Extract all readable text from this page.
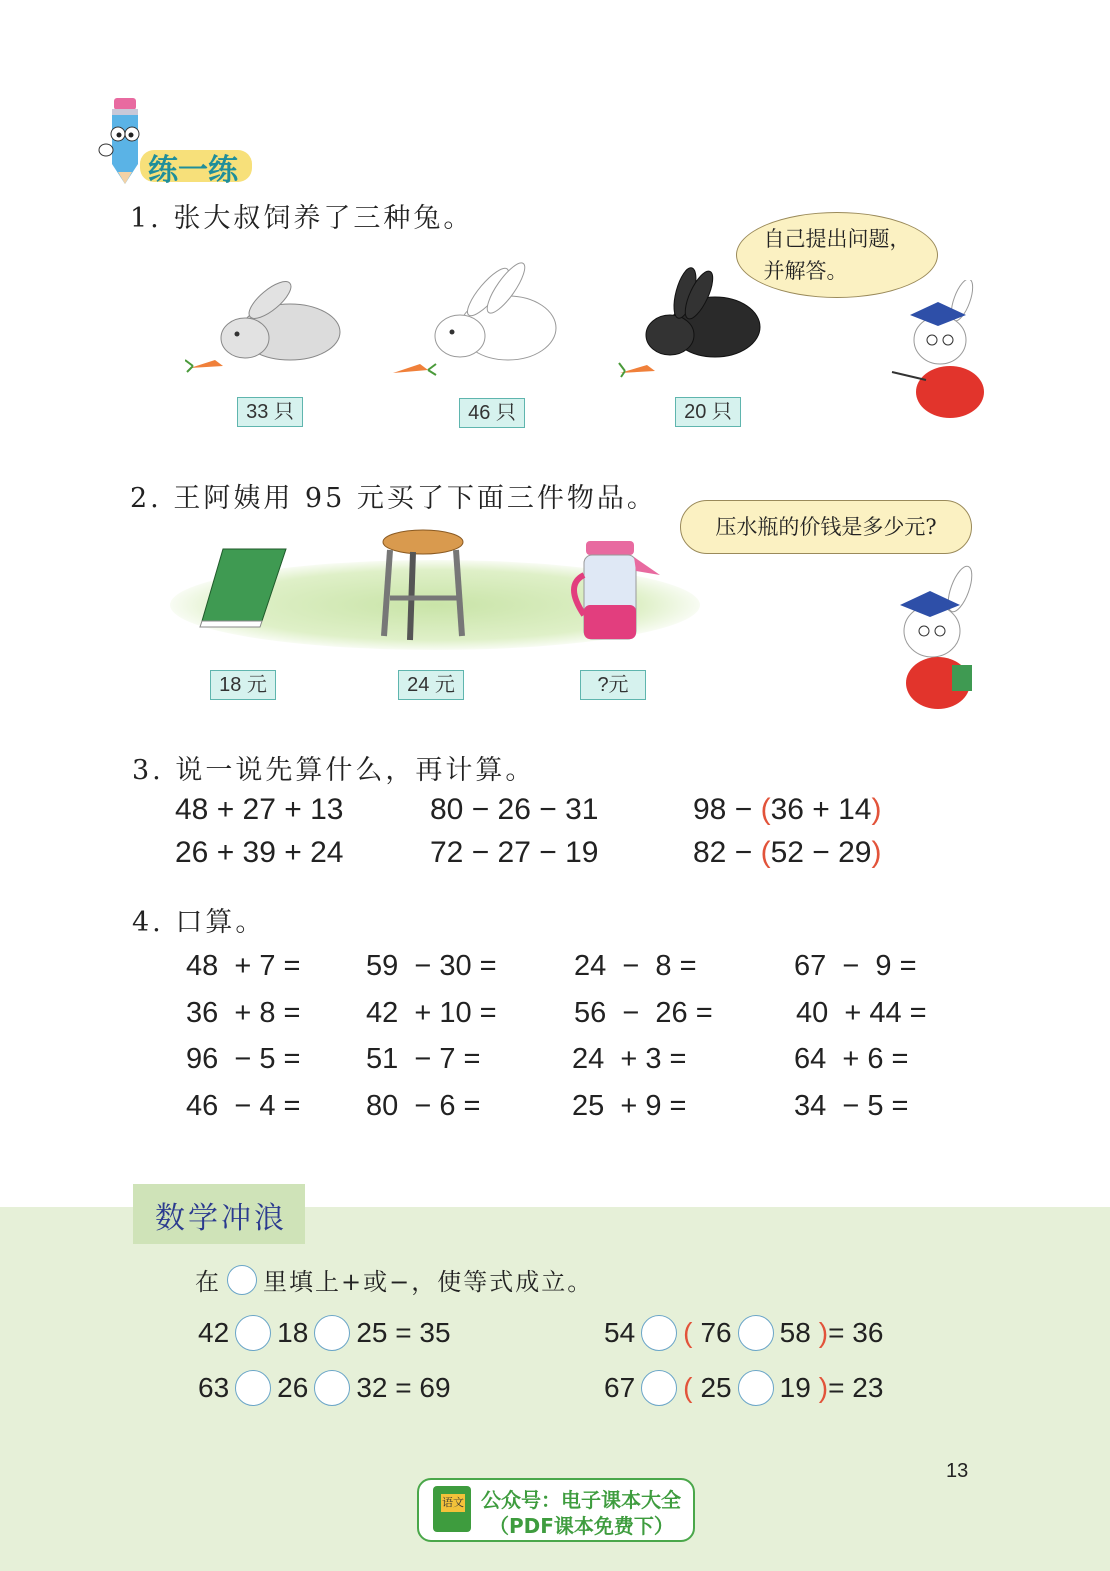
练一练
1. 张大叔饲养了三种兔。
自己提出问题，
并解答。
33 只	46 只	20 只
2. 王阿姨用 95 元买了下面三件物品。
压水瓶的价钱是多少元?
18 元	24 元	?元
3. 说一说先算什么，再计算。
48 + 27 + 13	80 − 26 − 31	98 − (36 + 14)
26 + 39 + 24	72 − 27 − 19	82 − (52 − 29)
4. 口算。
48  + 7 = 59  − 30 =	24  −  8 =	67  −  9 =
36  + 8 = 42  + 10 =	56  −  26 =	40  + 44 =
96  − 5 = 51  − 7 =	24  + 3 =	64  + 6 =
46  − 4 = 80  − 6 =	25  + 9 =	34  − 5 =
数学冲浪
在 里填上+或−，使等式成立。
42 18 25 = 35	54 ( 76 58 ) = 36
63 26 32 = 69	67 ( 25 19 ) = 23
13
语文 公众号：电子课本大全
（PDF课本免费下）
